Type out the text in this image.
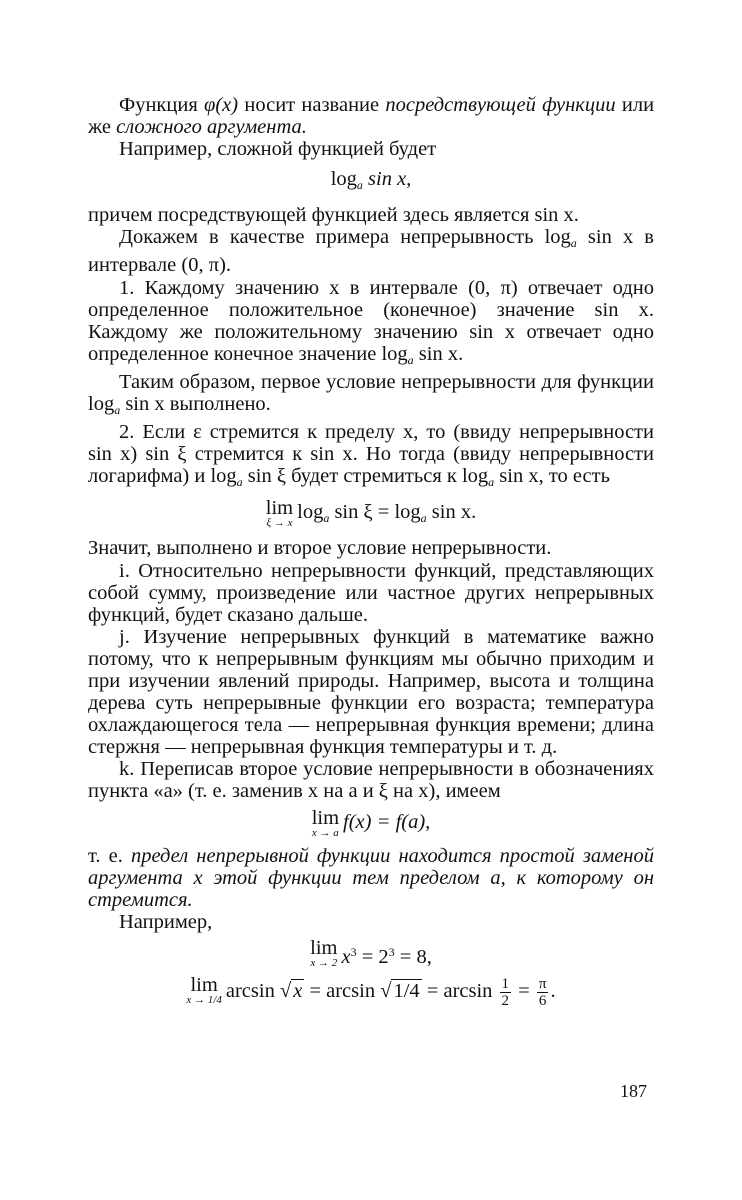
Функция φ(x) носит название посредствующей функции или же сложного аргумента.

Например, сложной функцией будет

$\log_a \sin x$,

причем посредствующей функцией здесь является sin x.

Докажем в качестве примера непрерывность $\log_a \sin x$ в интервале (0, π).

1. Каждому значению x в интервале (0, π) отвечает одно определенное положительное (конечное) значение sin x. Каждому же положительному значению sin x отвечает одно определенное конечное значение $\log_a \sin x$.

Таким образом, первое условие непрерывности для функции $\log_a \sin x$ выполнено.

2. Если ε стремится к пределу x, то (ввиду непрерывности sin x) sin ξ стремится к sin x. Но тогда (ввиду непрерывности логарифма) и $\log_a \sin \xi$ будет стремиться к $\log_a \sin x$, то есть

lim
ξ → x $\log_a \sin \xi = \log_a \sin x$.

Значит, выполнено и второе условие непрерывности.

i. Относительно непрерывности функций, представляющих собой сумму, произведение или частное других непрерывных функций, будет сказано дальше.

j. Изучение непрерывных функций в математике важно потому, что к непрерывным функциям мы обычно приходим и при изучении явлений природы. Например, высота и толщина дерева суть непрерывные функции его возраста; температура охлаждающегося тела — непрерывная функция времени; длина стержня — непрерывная функция температуры и т. д.

k. Переписав второе условие непрерывности в обозначениях пункта «a» (т. е. заменив x на a и ξ на x), имеем

lim
x → a f(x) = f(a),

т. е. предел непрерывной функции находится простой заменой аргумента x этой функции тем пределом a, к которому он стремится.

Например,

lim
x → 2 $x^3 = 2^3 = 8$,

lim
x → 1/4 $\arcsin √x = \arcsin √1/4 = \arcsin \frac{1}{2} = \frac{\pi}{6}$ .

187
